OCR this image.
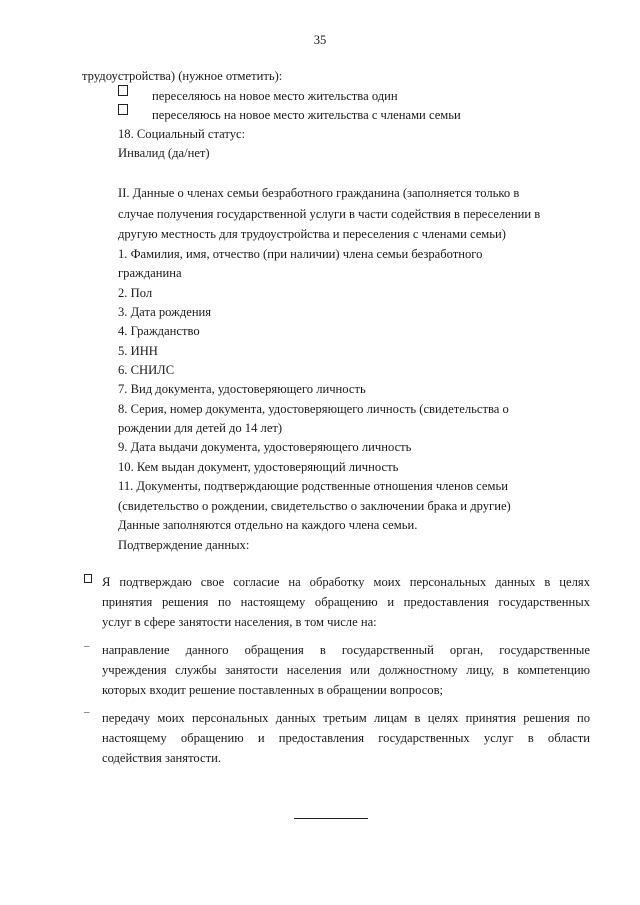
35
трудоустройства) (нужное отметить):
переселяюсь на новое место жительства один
переселяюсь на новое место жительства с членами семьи
18. Социальный статус:
Инвалид (да/нет)
II. Данные о членах семьи безработного гражданина (заполняется только в
случае получения государственной услуги в части содействия в переселении в
другую местность для трудоустройства и переселения с членами семьи)
1. Фамилия, имя, отчество (при наличии) члена семьи безработного
гражданина
2. Пол
3. Дата рождения
4. Гражданство
5. ИНН
6. СНИЛС
7. Вид документа, удостоверяющего личность
8. Серия, номер документа, удостоверяющего личность (свидетельства о
рождении для детей до 14 лет)
9. Дата выдачи документа, удостоверяющего личность
10. Кем выдан документ, удостоверяющий личность
11. Документы, подтверждающие родственные отношения членов семьи
(свидетельство о рождении, свидетельство о заключении брака и другие)
Данные заполняются отдельно на каждого члена семьи.
Подтверждение данных:
Я подтверждаю свое согласие на обработку моих персональных данных в целях
принятия решения по настоящему обращению и предоставления государственных
услуг в сфере занятости населения, в том числе на:
– направление данного обращения в государственный орган, государственные
учреждения службы занятости населения или должностному лицу, в компетенцию
которых входит решение поставленных в обращении вопросов;
– передачу моих персональных данных третьим лицам в целях принятия решения по
настоящему обращению и предоставления государственных услуг в области
содействия занятости.
